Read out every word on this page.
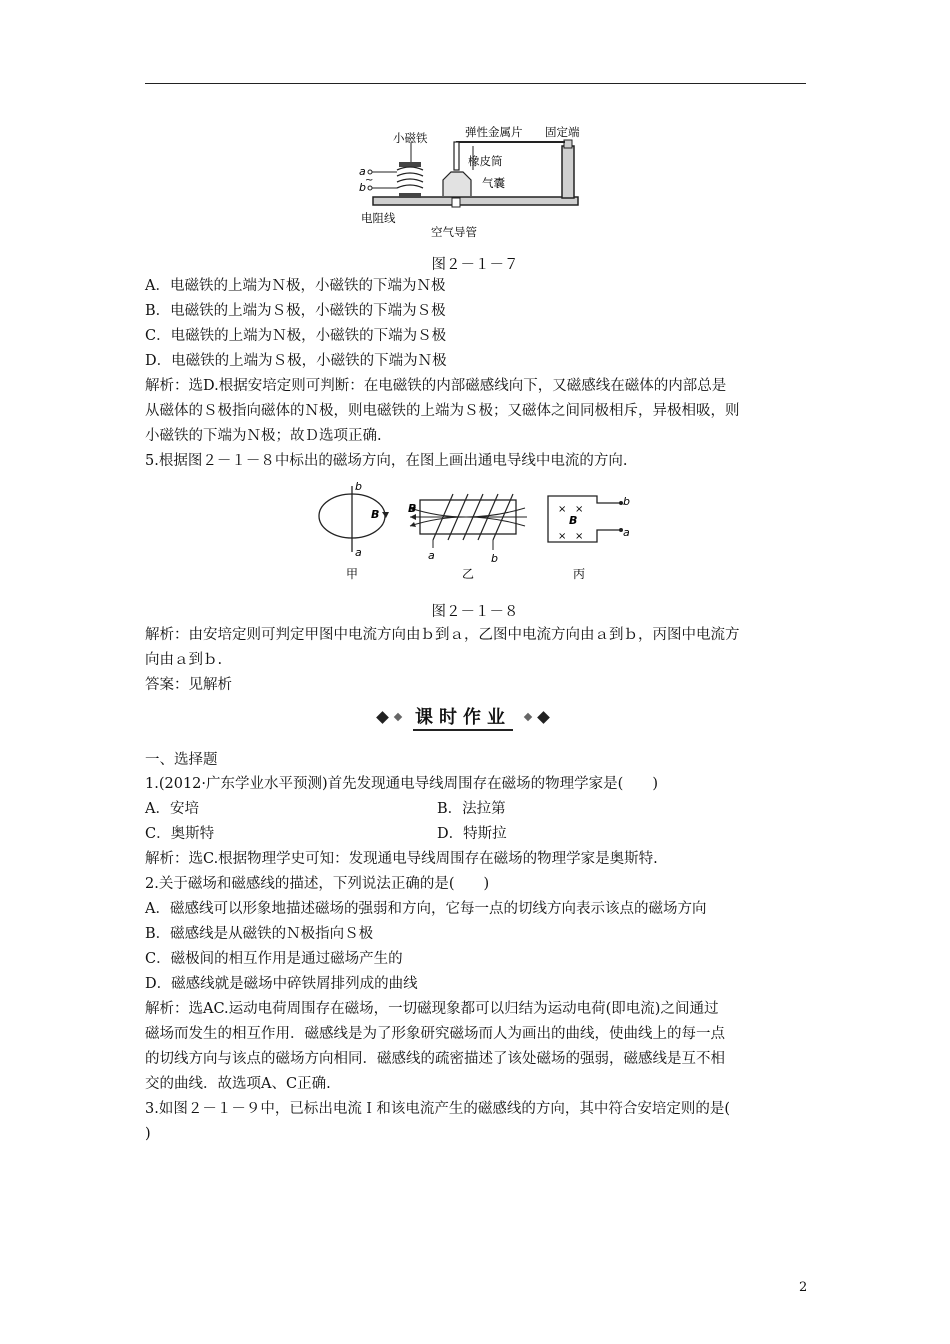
小磁铁	弹性金属片 固定端
橡皮筒
气囊
a
b
~
电阻线
空气导管
图２－１－７
A．电磁铁的上端为Ｎ极，小磁铁的下端为Ｎ极
B．电磁铁的上端为Ｓ极，小磁铁的下端为Ｓ极
C．电磁铁的上端为Ｎ极，小磁铁的下端为Ｓ极
D．电磁铁的上端为Ｓ极，小磁铁的下端为Ｎ极
解析：选D.根据安培定则可判断：在电磁铁的内部磁感线向下，又磁感线在磁体的内部总是
从磁体的Ｓ极指向磁体的Ｎ极，则电磁铁的上端为Ｓ极；又磁体之间同极相斥，异极相吸，则
小磁铁的下端为Ｎ极；故Ｄ选项正确.
5.根据图２－１－８中标出的磁场方向，在图上画出通电导线中电流的方向.
b
a
B
甲
B
a	b
乙
× ×
× ×
B
b
a
丙
图２－１－８
解析：由安培定则可判定甲图中电流方向由ｂ到ａ，乙图中电流方向由ａ到ｂ，丙图中电流方
向由ａ到ｂ.
答案：见解析
课时作业
一、选择题
1.(2012·广东学业水平预测)首先发现通电导线周围存在磁场的物理学家是(　　)
A．安培	B．法拉第
C．奥斯特	D．特斯拉
解析：选C.根据物理学史可知：发现通电导线周围存在磁场的物理学家是奥斯特.
2.关于磁场和磁感线的描述，下列说法正确的是(　　)
A．磁感线可以形象地描述磁场的强弱和方向，它每一点的切线方向表示该点的磁场方向
B．磁感线是从磁铁的Ｎ极指向Ｓ极
C．磁极间的相互作用是通过磁场产生的
D．磁感线就是磁场中碎铁屑排列成的曲线
解析：选AC.运动电荷周围存在磁场，一切磁现象都可以归结为运动电荷(即电流)之间通过
磁场而发生的相互作用．磁感线是为了形象研究磁场而人为画出的曲线，使曲线上的每一点
的切线方向与该点的磁场方向相同．磁感线的疏密描述了该处磁场的强弱，磁感线是互不相
交的曲线．故选项A、C正确.
3.如图２－１－９中，已标出电流Ｉ和该电流产生的磁感线的方向，其中符合安培定则的是(
)
2
